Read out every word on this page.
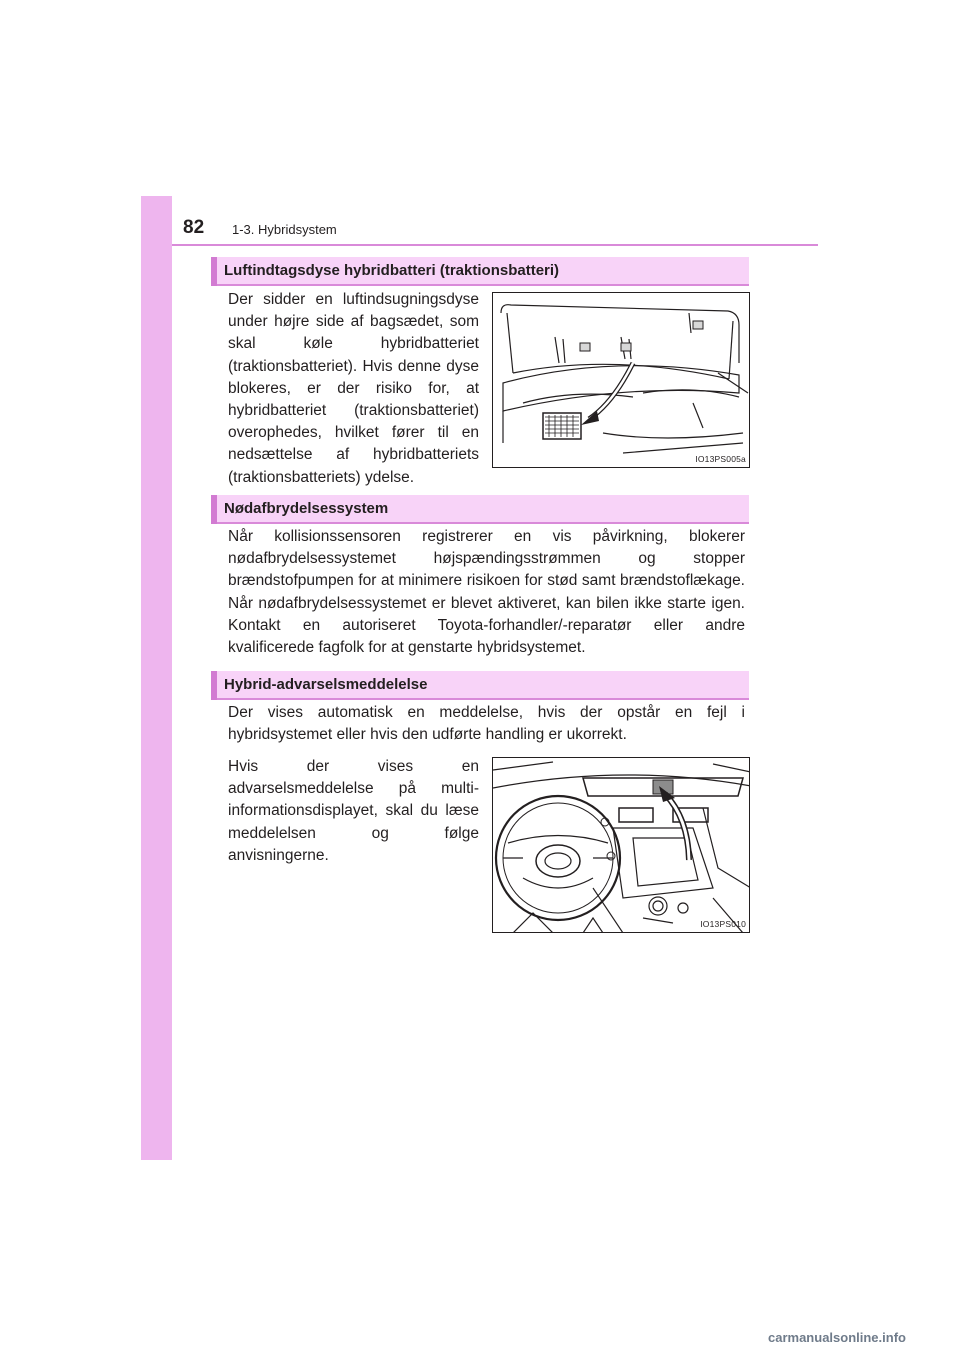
82 1-3. Hybridsystem
Luftindtagsdyse hybridbatteri (traktionsbatteri)

Der sidder en luftindsugningsdyse under højre side af bagsædet, som skal køle hybridbatteriet (traktionsbatteriet). Hvis denne dyse blokeres, er der risiko for, at hybridbatteriet (traktionsbatteriet) overophedes, hvilket fører til en nedsættelse af hybridbatteriets (traktionsbatteriets) ydelse.

IO13PS005a
Nødafbrydelsessystem

Når kollisionssensoren registrerer en vis påvirkning, blokerer nødafbrydelsessystemet højspændingsstrømmen og stopper brændstofpumpen for at minimere risikoen for stød samt brændstoflækage. Når nødafbrydelsessystemet er blevet aktiveret, kan bilen ikke starte igen. Kontakt en autoriseret Toyota-forhandler/-reparatør eller andre kvalificerede fagfolk for at genstarte hybridsystemet.

Hybrid-advarselsmeddelelse

Der vises automatisk en meddelelse, hvis der opstår en fejl i hybridsystemet eller hvis den udførte handling er ukorrekt.

Hvis der vises en advarselsmeddelelse på multi-informationsdisplayet, skal du læse meddelelsen og følge anvisningerne.

IO13PS010
carmanualsonline.info
